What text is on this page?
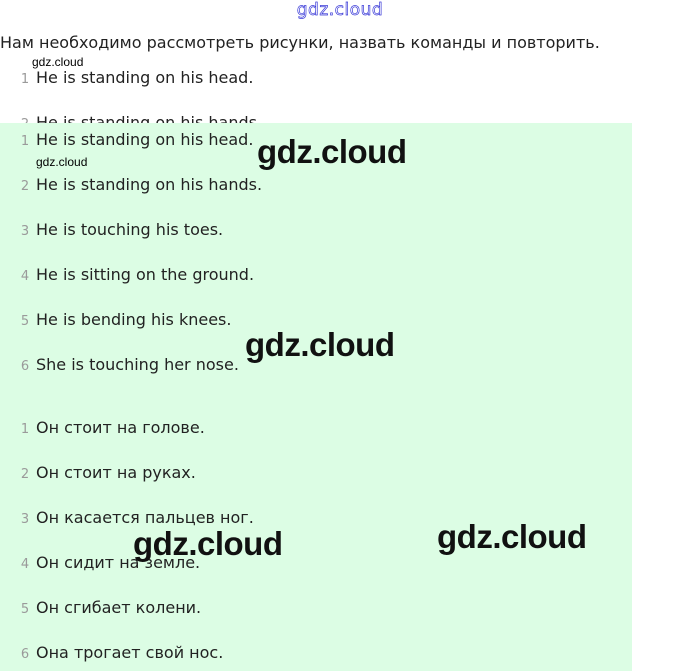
gdz.cloud
Нам необходимо рассмотреть рисунки, назвать команды и повторить.
gdz.cloud
1 He is standing on his head.
1 He is standing on his head.
gdz.cloud
2 He is standing on his hands.
3 He is touching his toes.
4 He is sitting on the ground.
5 He is bending his knees.
6 She is touching her nose.
1 Он стоит на голове.
2 Он стоит на руках.
3 Он касается пальцев ног.
4 Он сидит на земле.
5 Он сгибает колени.
6 Она трогает свой нос.
gdz.cloud
gdz.cloud
gdz.cloud
gdz.cloud
